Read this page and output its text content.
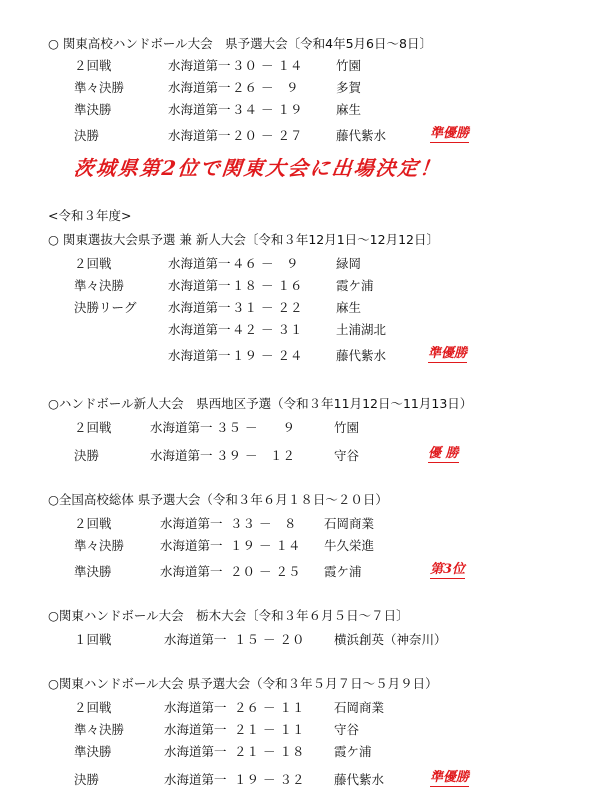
○ 関東高校ハンドボール大会　県予選大会〔令和4年5月6日～8日〕
２回戦	水海道第一 ３０ － １４	竹園
準々決勝	水海道第一 ２６ －　９	多賀
準決勝	水海道第一 ３４ － １９	麻生
決勝	水海道第一 ２０ － ２７	藤代紫水	準優勝
茨城県第2位で関東大会に出場決定！
<令和３年度>
○ 関東選抜大会県予選 兼 新人大会〔令和３年12月1日～12月12日〕
２回戦	水海道第一 ４６ －　９	緑岡
準々決勝	水海道第一 １８ － １６	霞ケ浦
決勝リーグ	水海道第一 ３１ － ２２	麻生
水海道第一 ４２ － ３１	土浦湖北
水海道第一 １９ － ２４	藤代紫水	準優勝
○ハンドボール新人大会　県西地区予選（令和３年11月12日～11月13日）
２回戦	水海道第一 ３５ －　　９	竹園
決勝	水海道第一 ３９ －　１２	守谷	優 勝
○全国高校総体 県予選大会（令和３年６月１８日～２０日）
２回戦	水海道第一 ３３ －　８ 石岡商業
準々決勝	水海道第一 １９ － １４ 牛久栄進
準決勝	水海道第一 ２０ － ２５ 霞ケ浦	第3位
○関東ハンドボール大会　栃木大会〔令和３年６月５日～７日〕
１回戦	水海道第一 １５ － ２０ 横浜創英（神奈川）
○関東ハンドボール大会 県予選大会（令和３年５月７日～５月９日）
２回戦	水海道第一 ２６ － １１ 石岡商業
準々決勝	水海道第一 ２１ － １１ 守谷
準決勝	水海道第一 ２１ － １８ 霞ケ浦
決勝	水海道第一 １９ － ３２ 藤代紫水	準優勝
